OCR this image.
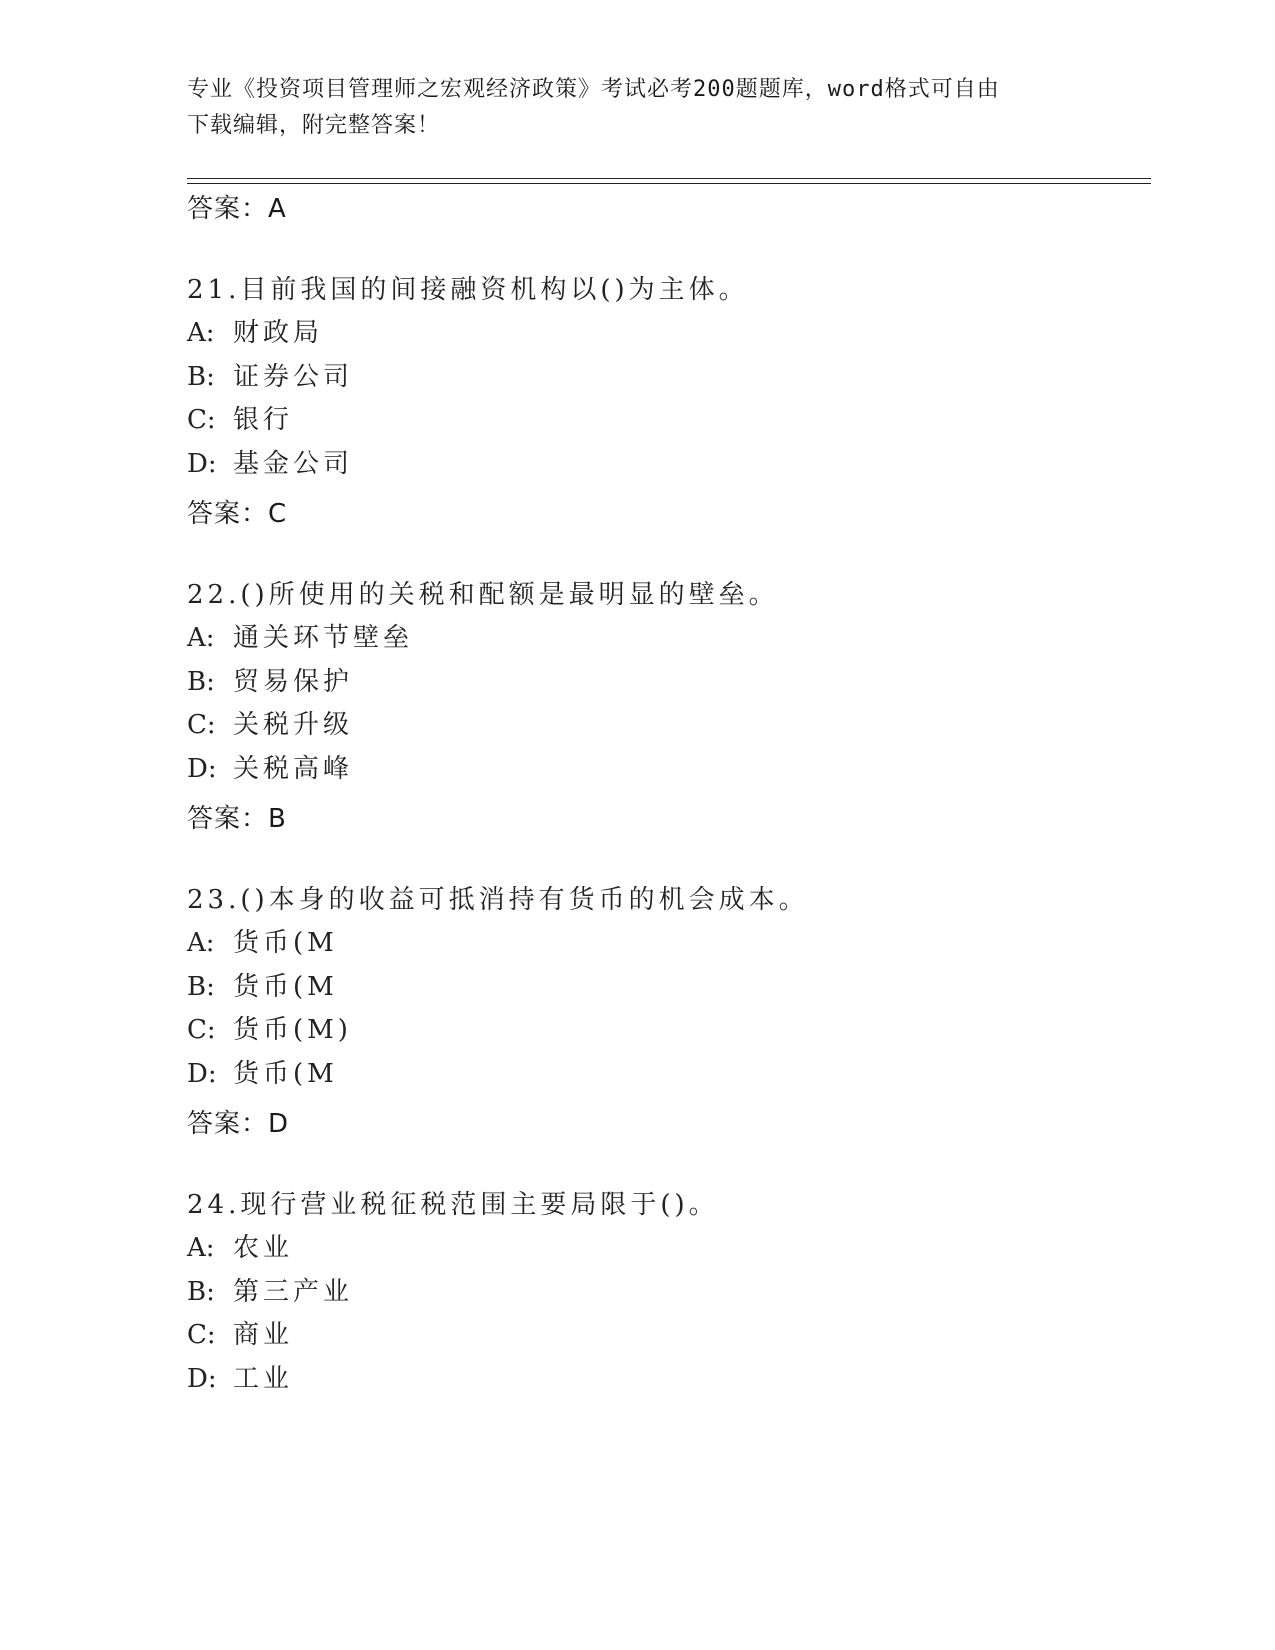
专业《投资项目管理师之宏观经济政策》考试必考200题题库，word格式可自由
下载编辑，附完整答案！
答案：A
21.目前我国的间接融资机构以()为主体。
A: 财政局
B: 证券公司
C: 银行
D: 基金公司
答案：C
22.()所使用的关税和配额是最明显的壁垒。
A: 通关环节壁垒
B: 贸易保护
C: 关税升级
D: 关税高峰
答案：B
23.()本身的收益可抵消持有货币的机会成本。
A: 货币(M
B: 货币(M
C: 货币(M)
D: 货币(M
答案：D
24.现行营业税征税范围主要局限于()。
A: 农业
B: 第三产业
C: 商业
D: 工业
